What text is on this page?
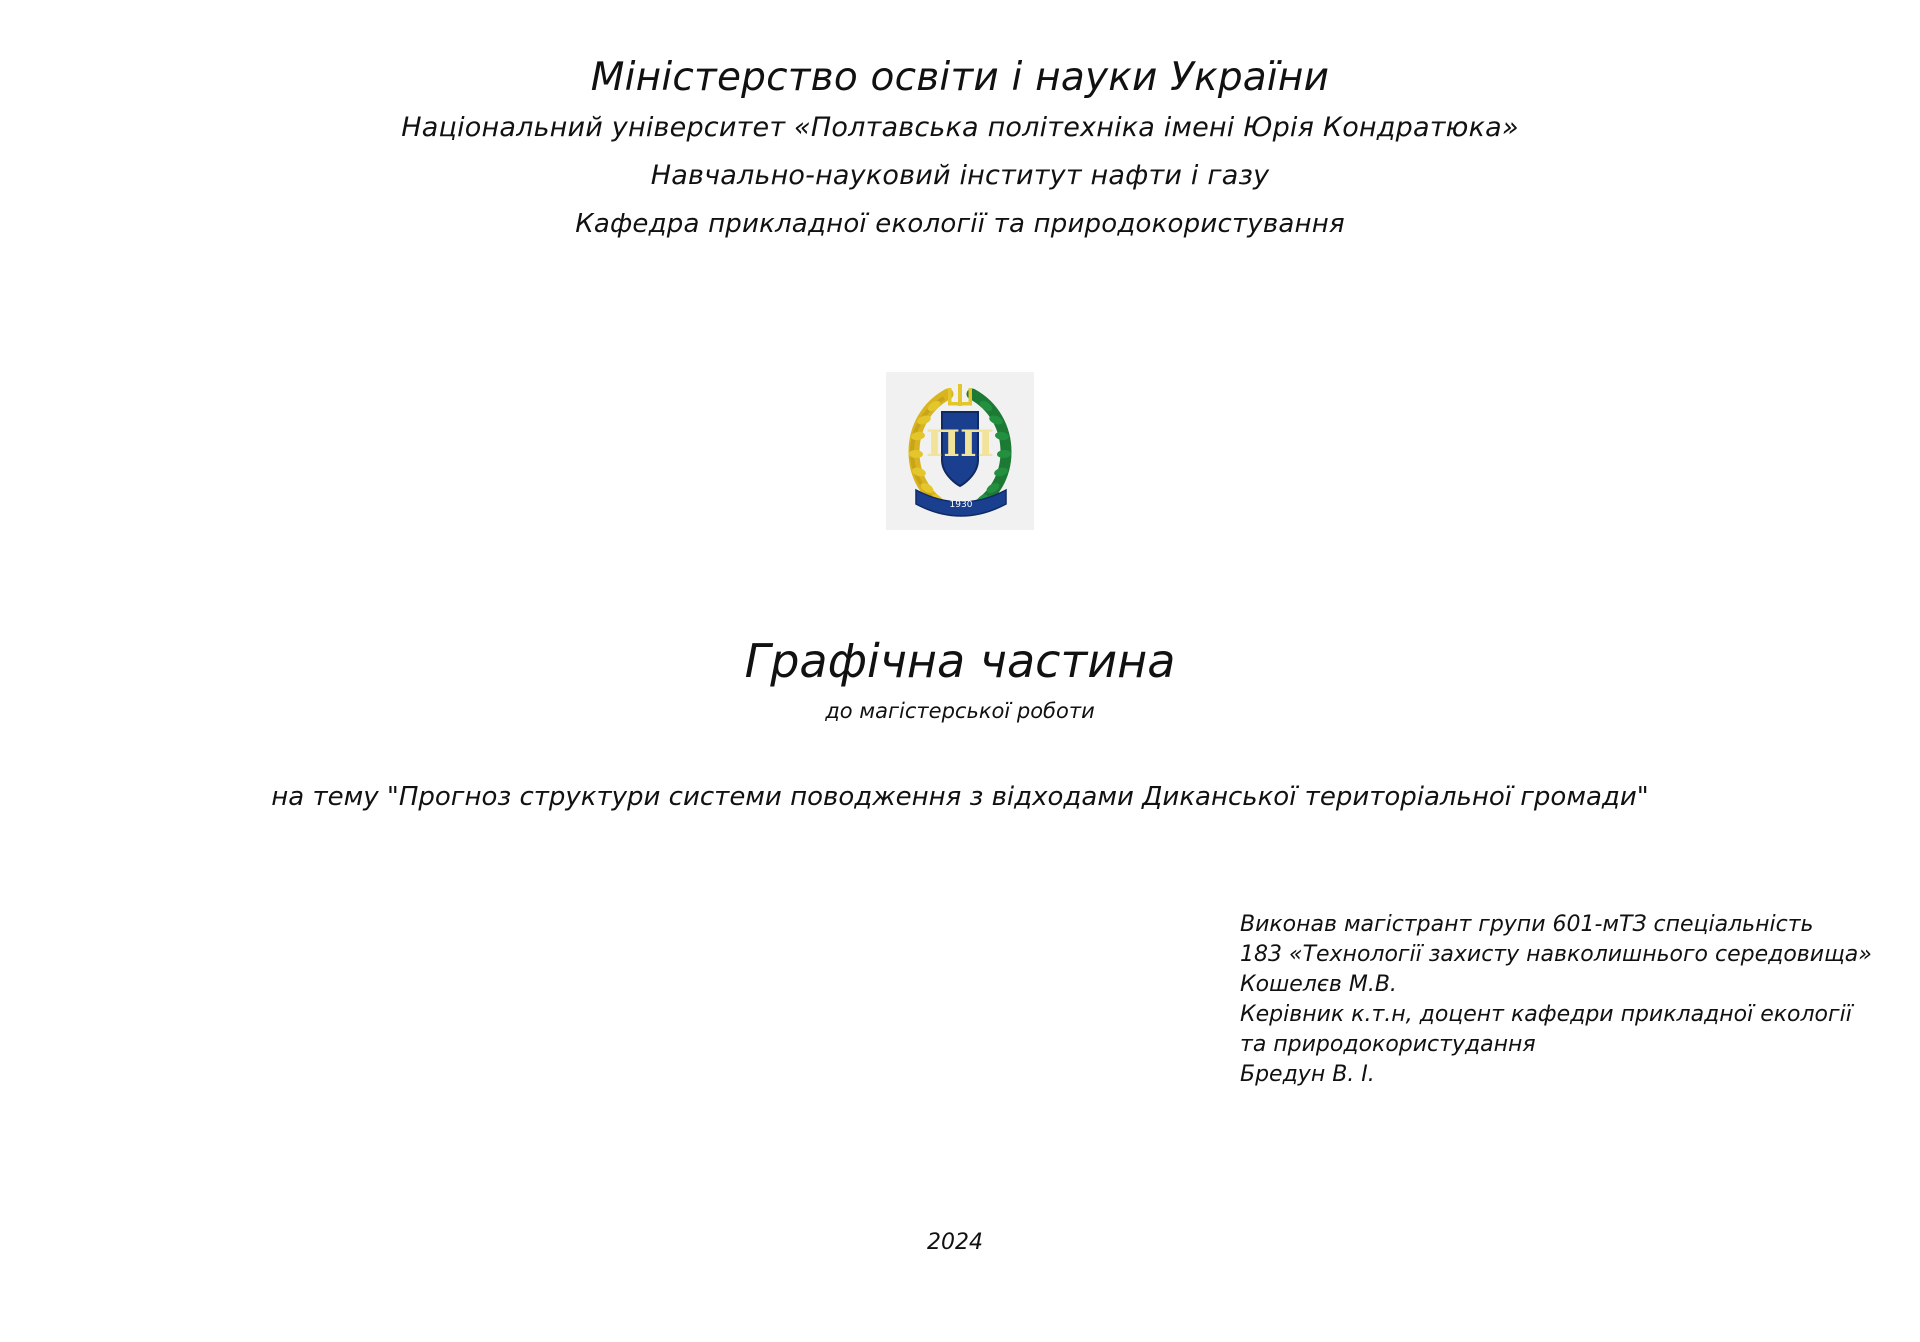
Міністерство освіти і науки України
Національний університет «Полтавська політехніка імені Юрія Кондратюка»
Навчально-науковий інститут нафти і газу
Кафедра прикладної екології та природокористування
ПП
1930
Графічна частина
до магістерської роботи
на тему "Прогноз структури системи поводження з відходами Диканської територіальної громади"
Виконав магістрант групи 601-мТЗ спеціальність
183 «Технології захисту навколишнього середовища»
Кошелєв М.В.
Керівник к.т.н, доцент кафедри прикладної екології
та природокористудання
Бредун В. І.
2024
